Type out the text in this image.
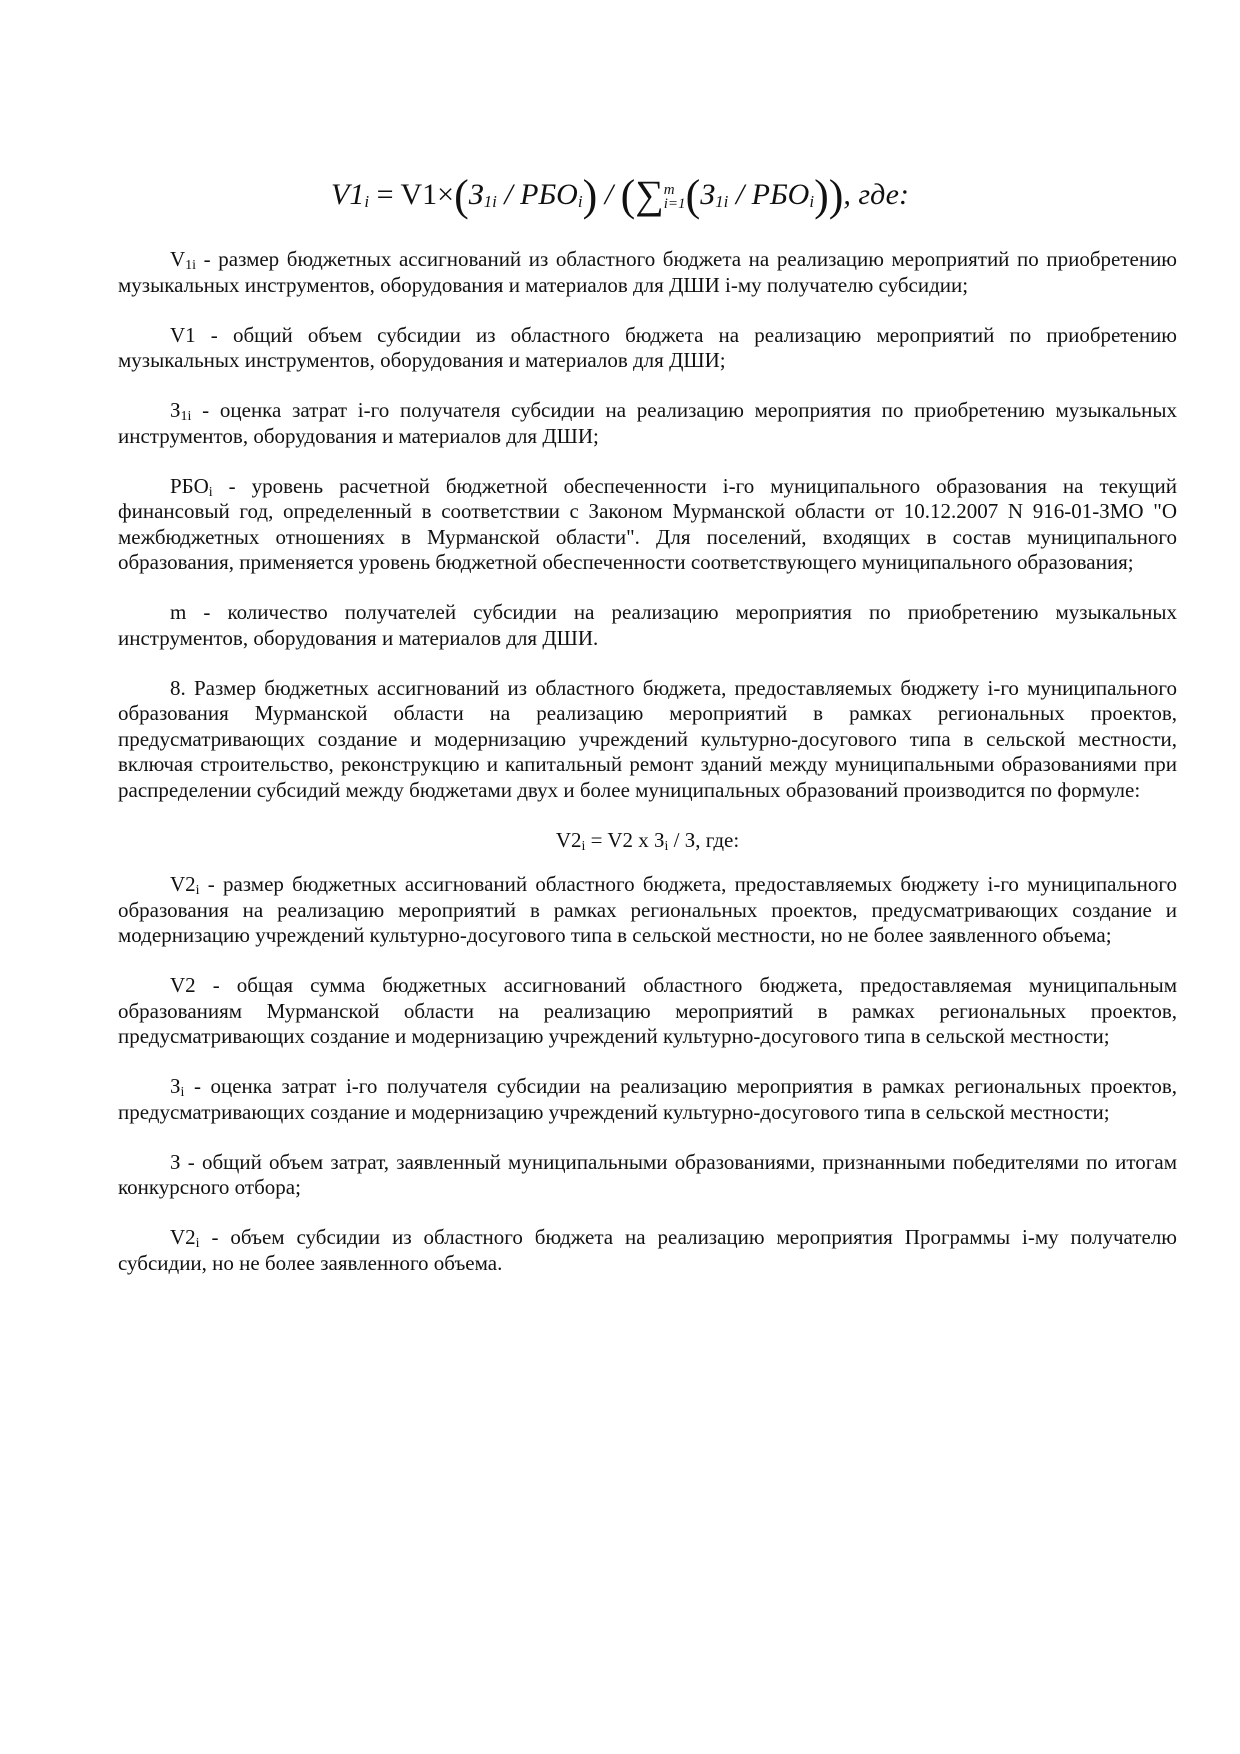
$V1_i = V1\times(З_{1i} / РБО_i) / (\sum m$
$i=1(З_{1i} / РБО_i)$), где:

$V_{1i}$ - размер бюджетных ассигнований из областного бюджета на реализацию мероприятий по приобретению музыкальных инструментов, оборудования и материалов для ДШИ i-му получателю субсидии;

V1 - общий объем субсидии из областного бюджета на реализацию мероприятий по приобретению музыкальных инструментов, оборудования и материалов для ДШИ;

$З_{1i}$ - оценка затрат i-го получателя субсидии на реализацию мероприятия по приобретению музыкальных инструментов, оборудования и материалов для ДШИ;

$РБО_i$ - уровень расчетной бюджетной обеспеченности i-го муниципального образования на текущий финансовый год, определенный в соответствии с Законом Мурманской области от 10.12.2007 N 916-01-ЗМО "О межбюджетных отношениях в Мурманской области". Для поселений, входящих в состав муниципального образования, применяется уровень бюджетной обеспеченности соответствующего муниципального образования;

m - количество получателей субсидии на реализацию мероприятия по приобретению музыкальных инструментов, оборудования и материалов для ДШИ.

8. Размер бюджетных ассигнований из областного бюджета, предоставляемых бюджету i-го муниципального образования Мурманской области на реализацию мероприятий в рамках региональных проектов, предусматривающих создание и модернизацию учреждений культурно-досугового типа в сельской местности, включая строительство, реконструкцию и капитальный ремонт зданий между муниципальными образованиями при распределении субсидий между бюджетами двух и более муниципальных образований производится по формуле:

$V2_i = V2$ x $З_i$ / З, где:

$V2_i$ - размер бюджетных ассигнований областного бюджета, предоставляемых бюджету i-го муниципального образования на реализацию мероприятий в рамках региональных проектов, предусматривающих создание и модернизацию учреждений культурно-досугового типа в сельской местности, но не более заявленного объема;

V2 - общая сумма бюджетных ассигнований областного бюджета, предоставляемая муниципальным образованиям Мурманской области на реализацию мероприятий в рамках региональных проектов, предусматривающих создание и модернизацию учреждений культурно-досугового типа в сельской местности;

$З_i$ - оценка затрат i-го получателя субсидии на реализацию мероприятия в рамках региональных проектов, предусматривающих создание и модернизацию учреждений культурно-досугового типа в сельской местности;

З - общий объем затрат, заявленный муниципальными образованиями, признанными победителями по итогам конкурсного отбора;

$V2_i$ - объем субсидии из областного бюджета на реализацию мероприятия Программы i-му получателю субсидии, но не более заявленного объема.
